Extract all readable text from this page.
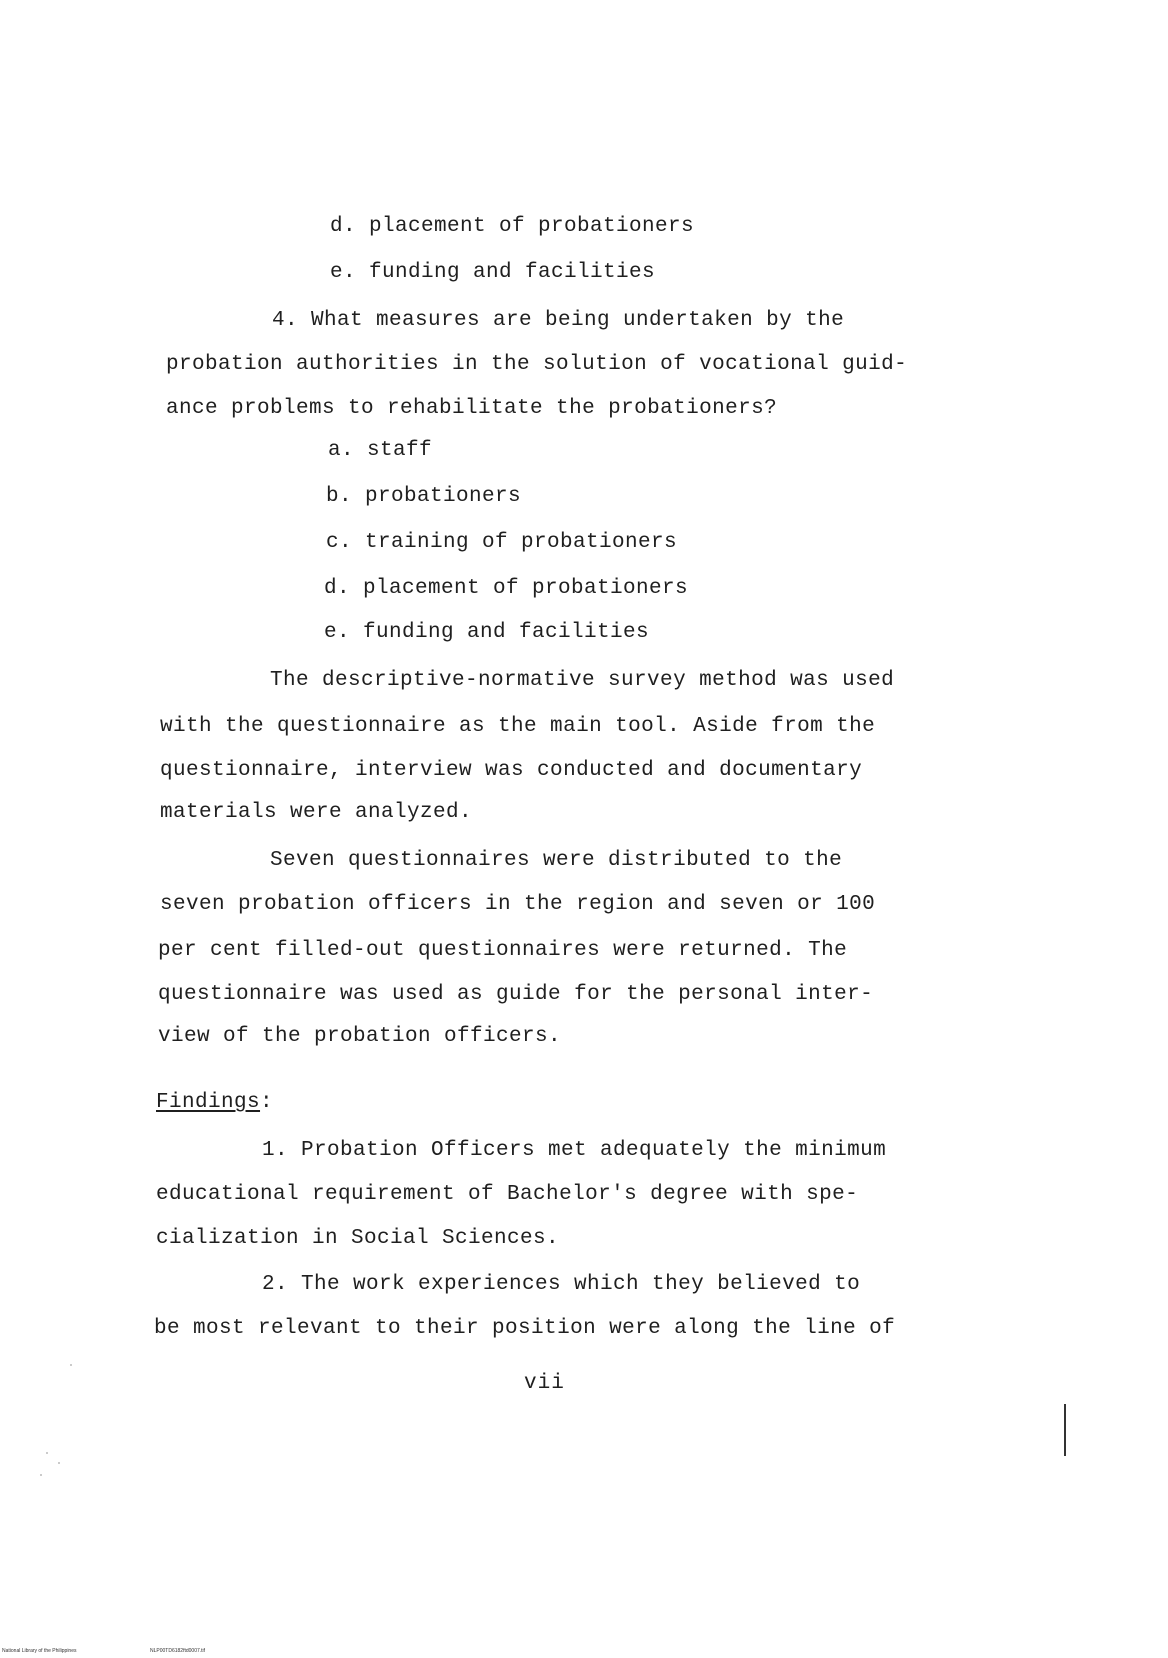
d. placement of probationers
e. funding and facilities
4. What measures are being undertaken by the
probation authorities in the solution of vocational guid-
ance problems to rehabilitate the probationers?
a. staff
b. probationers
c. training of probationers
d. placement of probationers
e. funding and facilities
The descriptive-normative survey method was used
with the questionnaire as the main tool. Aside from the
questionnaire, interview was conducted and documentary
materials were analyzed.
Seven questionnaires were distributed to the
seven probation officers in the region and seven or 100
per cent filled-out questionnaires were returned. The
questionnaire was used as guide for the personal inter-
view of the probation officers.
Findings:
1. Probation Officers met adequately the minimum
educational requirement of Bachelor's degree with spe-
cialization in Social Sciences.
2. The work experiences which they believed to
be most relevant to their position were along the line of
vii
National Library of the Philippines	NLP00TD6182ftd0007.tif
